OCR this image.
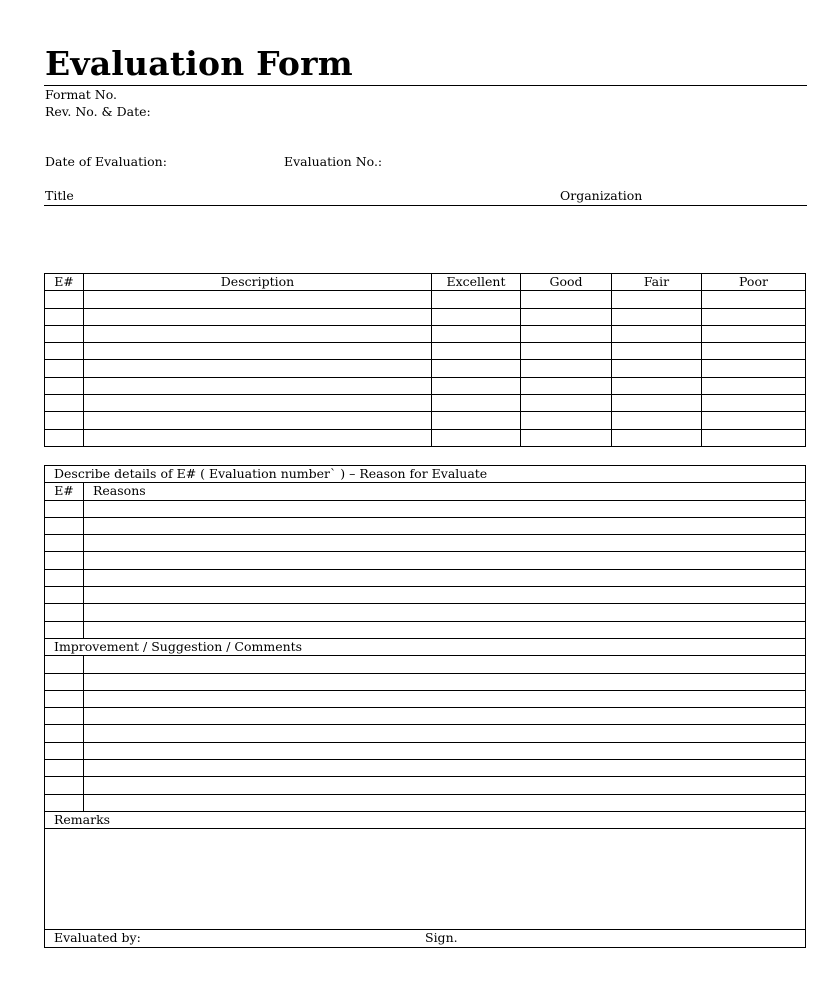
Evaluation Form
Format No.
Rev. No. & Date:
Date of Evaluation:	Evaluation No.:
Title	Organization
E#	Description	Excellent	Good	Fair	Poor

Describe details of E# ( Evaluation number` ) – Reason for Evaluate	
E#	Reasons

Improvement / Suggestion / Comments	

Remarks	

Evaluated by: Sign.	
